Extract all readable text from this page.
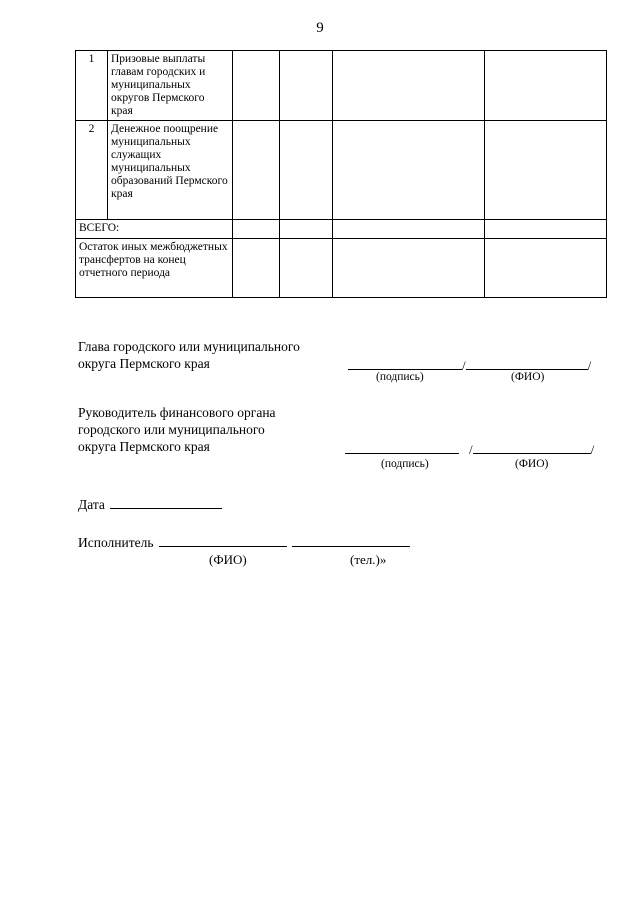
9
1	Призовые выплаты главам городских и муниципальных округов Пермского края				
2	Денежное поощрение муниципальных служащих муниципальных образований Пермского края				
ВСЕГО:					
Остаток иных межбюджетных трансфертов на конец отчетного периода					
Глава городского или муниципального
округа Пермского края	/	/
(подпись)	(ФИО)
Руководитель финансового органа
городского или муниципального
округа Пермского края	/	/
(подпись)	(ФИО)
Дата
Исполнитель
(ФИО)	(тел.)»
